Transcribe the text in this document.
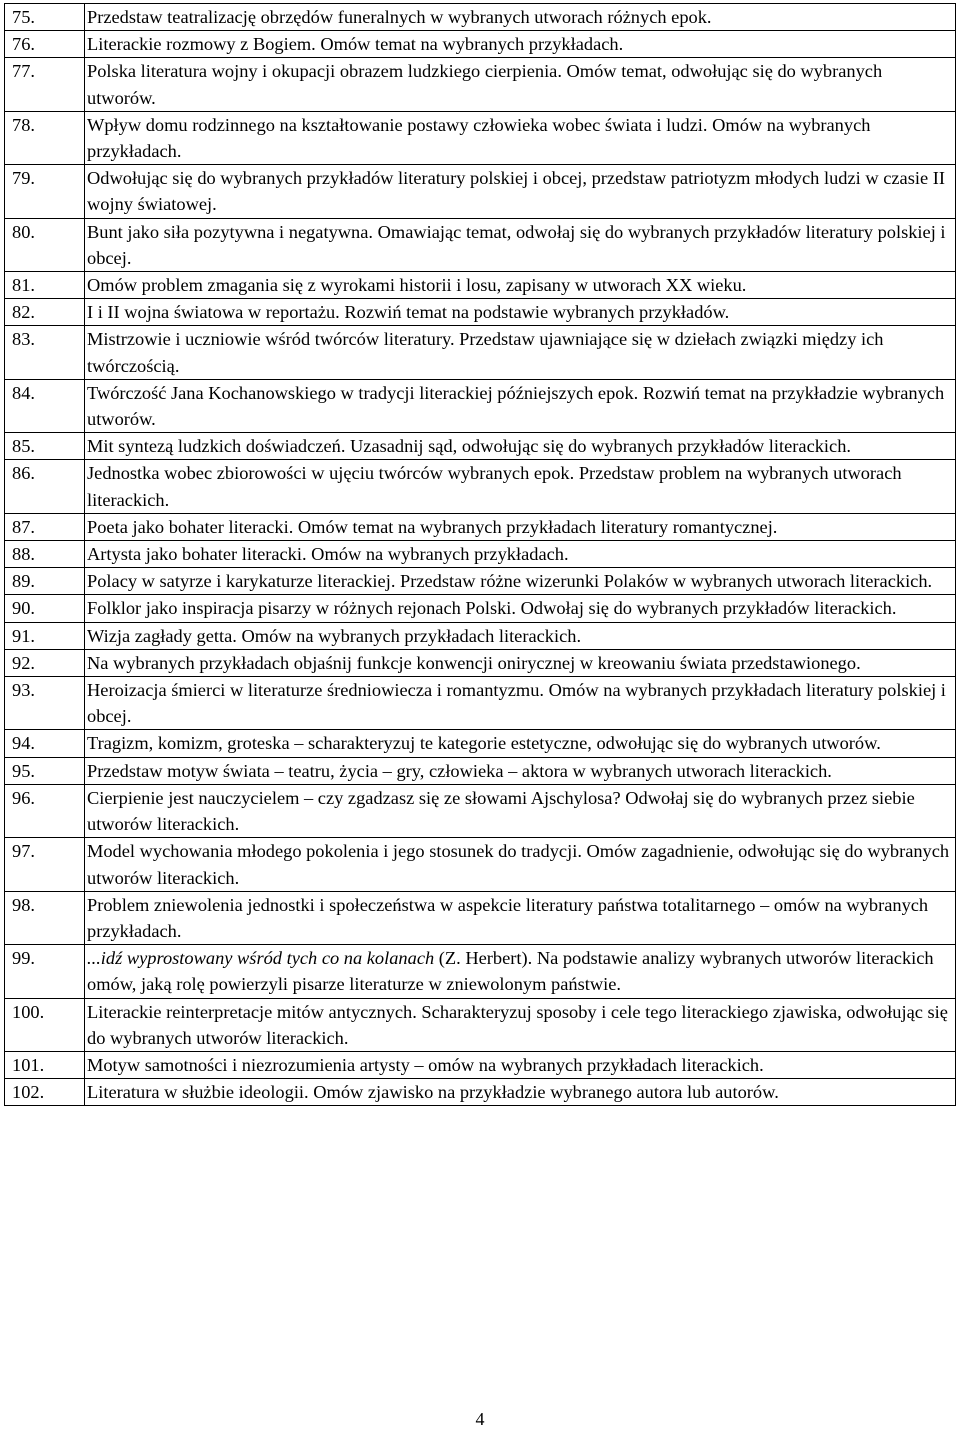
75.	Przedstaw teatralizację obrzędów funeralnych w wybranych utworach różnych epok.
76.	Literackie rozmowy z Bogiem. Omów temat na wybranych przykładach.
77.	Polska literatura wojny i okupacji obrazem ludzkiego cierpienia. Omów temat, odwołując się do wybranych utworów.
78.	Wpływ domu rodzinnego na kształtowanie postawy człowieka wobec świata i ludzi. Omów na wybranych przykładach.
79.	Odwołując się do wybranych przykładów literatury polskiej i obcej, przedstaw patriotyzm młodych ludzi w czasie II wojny światowej.
80.	Bunt jako siła pozytywna i negatywna. Omawiając temat, odwołaj się do wybranych przykładów literatury polskiej i obcej.
81.	Omów problem zmagania się z wyrokami historii i losu, zapisany w utworach XX wieku.
82.	I i II wojna światowa w reportażu. Rozwiń temat na podstawie wybranych przykładów.
83.	Mistrzowie i uczniowie wśród twórców literatury. Przedstaw ujawniające się w dziełach związki między ich twórczością.
84.	Twórczość Jana Kochanowskiego w tradycji literackiej późniejszych epok. Rozwiń temat na przykładzie wybranych utworów.
85.	Mit syntezą ludzkich doświadczeń. Uzasadnij sąd, odwołując się do wybranych przykładów literackich.
86.	Jednostka wobec zbiorowości w ujęciu twórców wybranych epok. Przedstaw problem na wybranych utworach literackich.
87.	Poeta jako bohater literacki. Omów temat na wybranych przykładach literatury romantycznej.
88.	Artysta jako bohater literacki. Omów na wybranych przykładach.
89.	Polacy w satyrze i karykaturze literackiej. Przedstaw różne wizerunki Polaków w wybranych utworach literackich.
90.	Folklor jako inspiracja pisarzy w różnych rejonach Polski. Odwołaj się do wybranych przykładów literackich.
91.	Wizja zagłady getta. Omów na wybranych przykładach literackich.
92.	Na wybranych przykładach objaśnij funkcje konwencji onirycznej w kreowaniu świata przedstawionego.
93.	Heroizacja śmierci w literaturze średniowiecza i romantyzmu. Omów na wybranych przykładach literatury polskiej i obcej.
94.	Tragizm, komizm, groteska – scharakteryzuj te kategorie estetyczne, odwołując się do wybranych utworów.
95.	Przedstaw motyw świata – teatru, życia – gry, człowieka – aktora w wybranych utworach literackich.
96.	Cierpienie jest nauczycielem – czy zgadzasz się ze słowami Ajschylosa? Odwołaj się do wybranych przez siebie utworów literackich.
97.	Model wychowania młodego pokolenia i jego stosunek do tradycji. Omów zagadnienie, odwołując się do wybranych utworów literackich.
98.	Problem zniewolenia jednostki i społeczeństwa w aspekcie literatury państwa totalitarnego – omów na wybranych przykładach.
99.	...idź wyprostowany wśród tych co na kolanach (Z. Herbert). Na podstawie analizy wybranych utworów literackich omów, jaką rolę powierzyli pisarze literaturze w zniewolonym państwie.
100.	Literackie reinterpretacje mitów antycznych. Scharakteryzuj sposoby i cele tego literackiego zjawiska, odwołując się do wybranych utworów literackich.
101.	Motyw samotności i niezrozumienia artysty – omów na wybranych przykładach literackich.
102.	Literatura w służbie ideologii. Omów zjawisko na przykładzie wybranego autora lub autorów.
4
